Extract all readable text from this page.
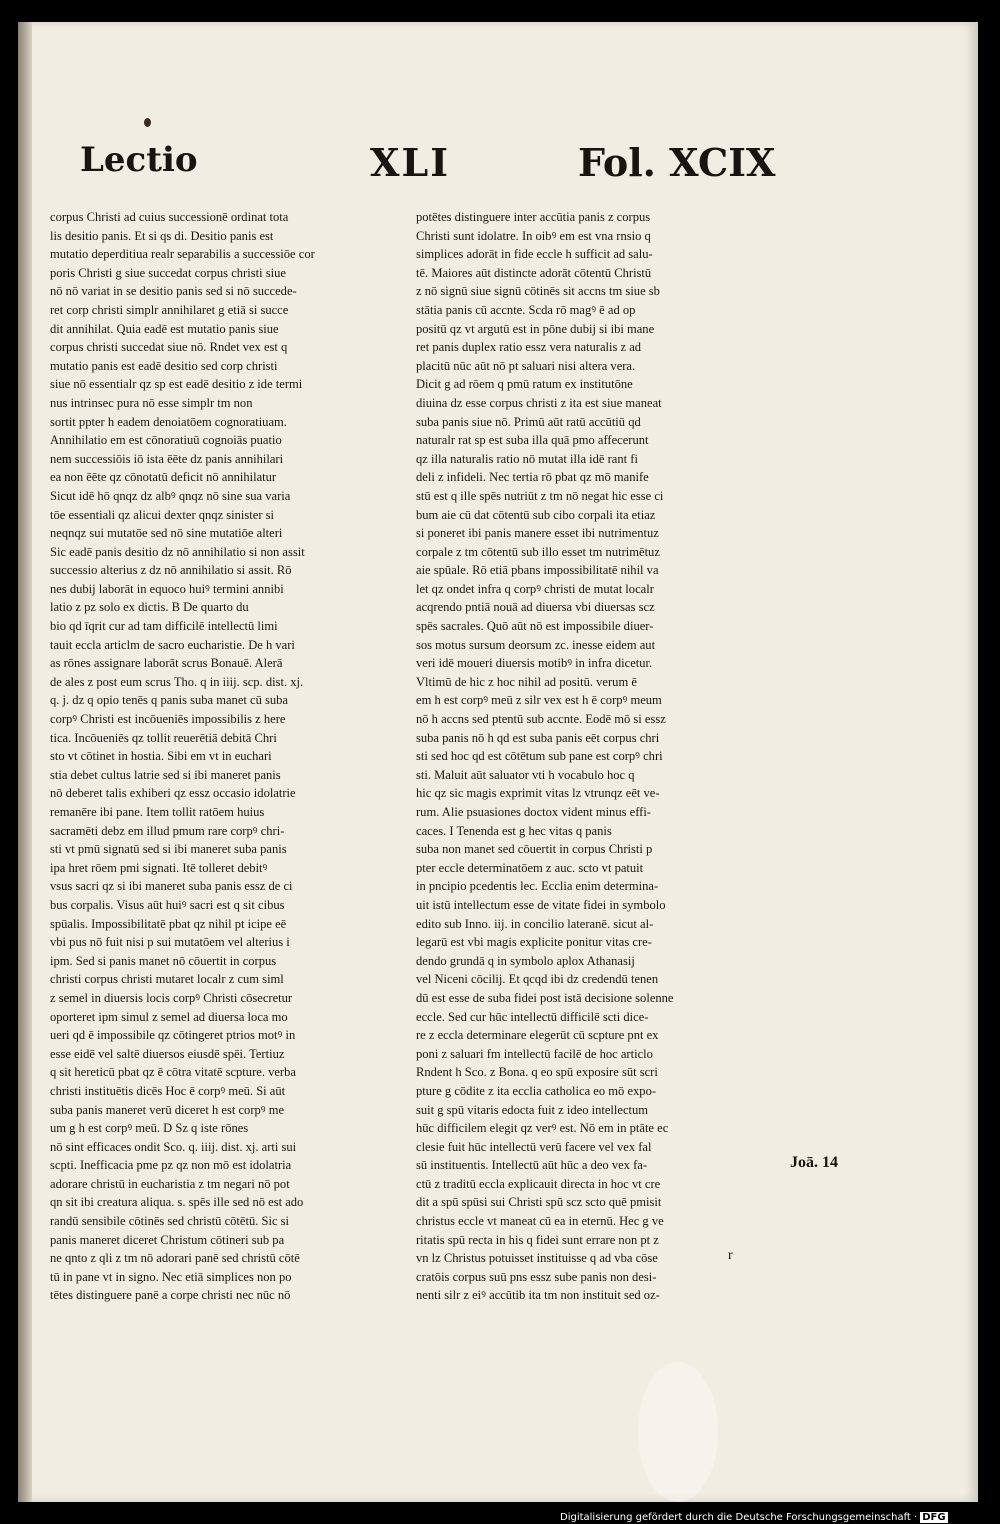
Lectio	XLI	Fol. XCIX
corpus Christi ad cuius successionē ordinat tota
lis desitio panis. Et si qs di. Desitio panis est
mutatio deperditiua realr separabilis a successiōe cor
poris Christi g siue succedat corpus christi siue
nō nō variat in se desitio panis sed si nō succede-
ret corp christi simplr annihilaret g etiā si succe
dit annihilat. Quia eadē est mutatio panis siue
corpus christi succedat siue nō. Rndet vex est q
mutatio panis est eadē desitio sed corp christi
siue nō essentialr qz sp est eadē desitio z ide termi
nus intrinsec pura nō esse simplr tm non
sortit ppter h eadem denoiatōem cognoratiuam.
Annihilatio em est cōnoratiuū cognoiās puatio
nem successiōis iō ista ēēte dz panis annihilari
ea non ēēte qz cōnotatū deficit nō annihilatur
Sicut idē hō qnqz dz albꝰ qnqz nō sine sua varia
tōe essentiali qz alicui dexter qnqz sinister si
neqnqz sui mutatōe sed nō sine mutatiōe alteri
Sic eadē panis desitio dz nō annihilatio si non assit
successio alterius z dz nō annihilatio si assit. Rō
nes dubij laborāt in equoco huiꝰ termini annibi
latio z pz solo ex dictis. B De quarto du
bio qd īqrit cur ad tam difficilē intellectū limi
tauit eccla articlm de sacro eucharistie. De h vari
as rōnes assignare laborāt scrus Bonauē. Alerā
de ales z post eum scrus Tho. q in iiij. scp. dist. xj.
q. j. dz q opio tenēs q panis suba manet cū suba
corpꝰ Christi est incōueniēs impossibilis z here
tica. Incōueniēs qz tollit reuerētiā debitā Chri
sto vt cōtinet in hostia. Sibi em vt in euchari
stia debet cultus latrie sed si ibi maneret panis
nō deberet talis exhiberi qz essz occasio idolatrie
remanēre ibi pane. Item tollit ratōem huius
sacramēti debz em illud pmum rare corpꝰ chri-
sti vt pmū signatū sed si ibi maneret suba panis
ipa hret rōem pmi signati. Itē tolleret debitꝰ
vsus sacri qz si ibi maneret suba panis essz de ci
bus corpalis. Visus aūt huiꝰ sacri est q sit cibus
spūalis. Impossibilitatē pbat qz nihil pt icipe eē
vbi pus nō fuit nisi p sui mutatōem vel alterius i
ipm. Sed si panis manet nō cōuertit in corpus
christi corpus christi mutaret localr z cum siml
z semel in diuersis locis corpꝰ Christi cōsecretur
oporteret ipm simul z semel ad diuersa loca mo
ueri qd ē impossibile qz cōtingeret ptrios motꝰ in
esse eidē vel saltē diuersos eiusdē spēi. Tertiuz
q sit hereticū pbat qz ē cōtra vitatē scpture. verba
christi instituētis dicēs Hoc ē corpꝰ meū. Si aūt
suba panis maneret verū diceret h est corpꝰ me
um g h est corpꝰ meū. D Sz q iste rōnes
nō sint efficaces ondit Sco. q. iiij. dist. xj. arti sui
scpti. Inefficacia pme pz qz non mō est idolatria
adorare christū in eucharistia z tm negari nō pot
qn sit ibi creatura aliqua. s. spēs ille sed nō est ado
randū sensibile cōtinēs sed christū cōtētū. Sic si
panis maneret diceret Christum cōtineri sub pa
ne qnto z qli z tm nō adorari panē sed christū cōtē
tū in pane vt in signo. Nec etiā simplices non po
tētes distinguere panē a corpe christi nec nūc nō
potētes distinguere inter accūtia panis z corpus
Christi sunt idolatre. In oibꝰ em est vna rnsio q
simplices adorāt in fide eccle h sufficit ad salu-
tē. Maiores aūt distincte adorāt cōtentū Christū
z nō signū siue signū cōtinēs sit accns tm siue sb
stātia panis cū accnte. Scda rō magꝰ ē ad op
positū qz vt argutū est in pōne dubij si ibi mane
ret panis duplex ratio essz vera naturalis z ad
placitū nūc aūt nō pt saluari nisi altera vera.
Dicit g ad rōem q pmū ratum ex institutōne
diuina dz esse corpus christi z ita est siue maneat
suba panis siue nō. Primū aūt ratū accūtiū qd
naturalr rat sp est suba illa quā pmo affecerunt
qz illa naturalis ratio nō mutat illa idē rant fi
deli z infideli. Nec tertia rō pbat qz mō manife
stū est q ille spēs nutriūt z tm nō negat hic esse ci
bum aie cū dat cōtentū sub cibo corpali ita etiaz
si poneret ibi panis manere esset ibi nutrimentuz
corpale z tm cōtentū sub illo esset tm nutrimētuz
aie spūale. Rō etiā pbans impossibilitatē nihil va
let qz ondet infra q corpꝰ christi de mutat localr
acqrendo pntiā nouā ad diuersa vbi diuersas scz
spēs sacrales. Quō aūt nō est impossibile diuer-
sos motus sursum deorsum zc. inesse eidem aut
veri idē moueri diuersis motibꝰ in infra dicetur.
Vltimū de hic z hoc nihil ad positū. verum ē
em h est corpꝰ meū z silr vex est h ē corpꝰ meum
nō h accns sed ptentū sub accnte. Eodē mō si essz
suba panis nō h qd est suba panis eēt corpus chri
sti sed hoc qd est cōtētum sub pane est corpꝰ chri
sti. Maluit aūt saluator vti h vocabulo hoc q
hic qz sic magis exprimit vitas lz vtrunqz eēt ve-
rum. Alie psuasiones doctox vident minus effi-
caces. I Tenenda est g hec vitas q panis
suba non manet sed cōuertit in corpus Christi p
pter eccle determinatōem z auc. scto vt patuit
in pncipio pcedentis lec. Ecclia enim determina-
uit istū intellectum esse de vitate fidei in symbolo
edito sub Inno. iij. in concilio lateranē. sicut al-
legarū est vbi magis explicite ponitur vitas cre-
dendo grundā q in symbolo aplox Athanasij
vel Niceni cōcilij. Et qcqd ibi dz credendū tenen
dū est esse de suba fidei post istā decisione solenne
eccle. Sed cur hūc intellectū difficilē scti dice-
re z eccla determinare elegerūt cū scpture pnt ex
poni z saluari fm intellectū facilē de hoc articlo
Rndent h Sco. z Bona. q eo spū exposire sūt scri
pture g cōdite z ita ecclia catholica eo mō expo-
suit g spū vitaris edocta fuit z ideo intellectum
hūc difficilem elegit qz verꝰ est. Nō em in ptāte ec
clesie fuit hūc intellectū verū facere vel vex fal
sū instituentis. Intellectū aūt hūc a deo vex fa-
ctū z traditū eccla explicauit directa in hoc vt cre
dit a spū spūsi sui Christi spū scz scto quē pmisit
christus eccle vt maneat cū ea in eternū. Hec g ve
ritatis spū recta in his q fidei sunt errare non pt z
vn lz Christus potuisset instituisse q ad vba cōse
cratōis corpus suū pns essz sube panis non desi-
nenti silr z eiꝰ accūtib ita tm non instituit sed oz-
Joā. 14
r
Digitalisierung gefördert durch die Deutsche Forschungsgemeinschaft · DFG
